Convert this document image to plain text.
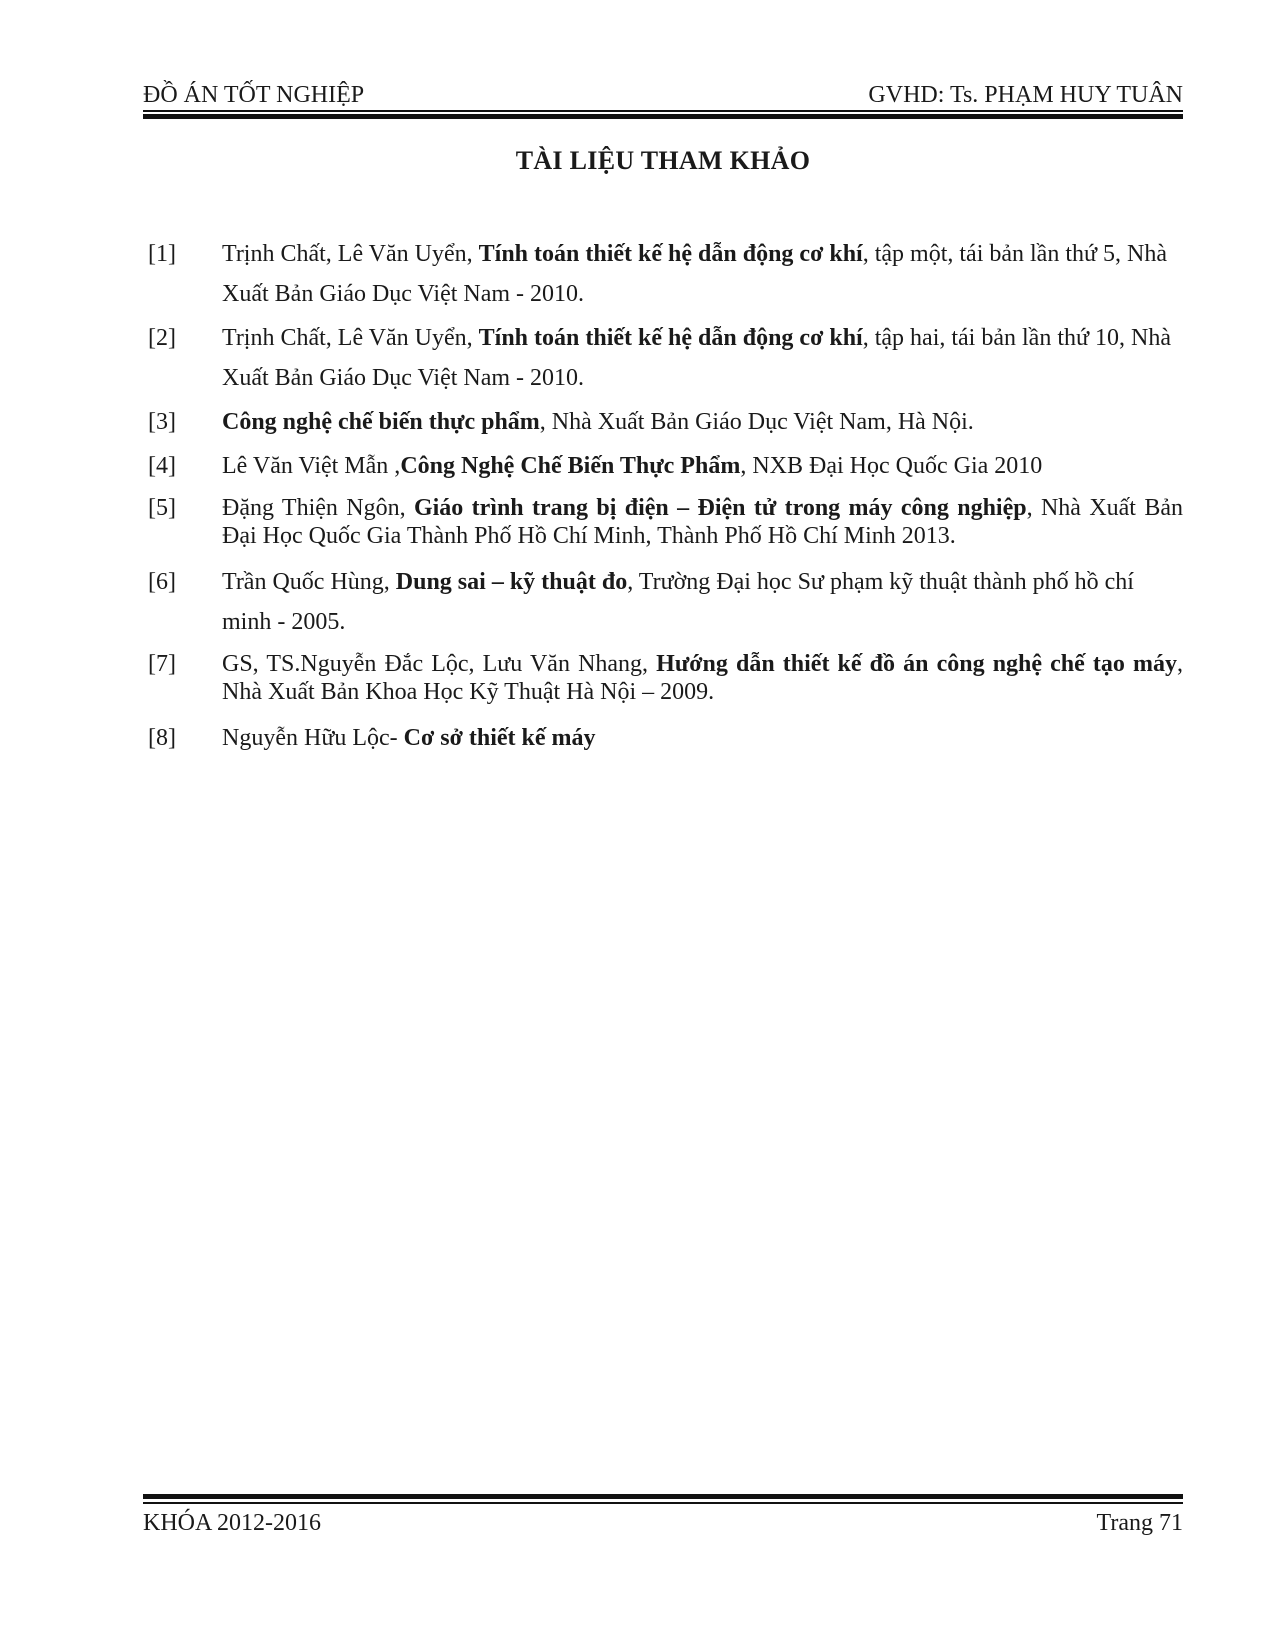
ĐỒ ÁN TỐT NGHIỆP	GVHD: Ts. PHẠM HUY TUÂN
TÀI LIỆU THAM KHẢO
[1]	Trịnh Chất, Lê Văn Uyển, Tính toán thiết kế hệ dẫn động cơ khí, tập một, tái bản lần thứ 5, Nhà Xuất Bản Giáo Dục Việt Nam - 2010.
[2]	Trịnh Chất, Lê Văn Uyển, Tính toán thiết kế hệ dẫn động cơ khí, tập hai, tái bản lần thứ 10, Nhà Xuất Bản Giáo Dục Việt Nam - 2010.
[3]	Công nghệ chế biến thực phẩm, Nhà Xuất Bản Giáo Dục Việt Nam, Hà Nội.
[4]	Lê Văn Việt Mẫn ,Công Nghệ Chế Biến Thực Phẩm, NXB Đại Học Quốc Gia 2010
[5]	Đặng Thiện Ngôn, Giáo trình trang bị điện – Điện tử trong máy công nghiệp, Nhà Xuất Bản Đại Học Quốc Gia Thành Phố Hồ Chí Minh, Thành Phố Hồ Chí Minh 2013.
[6]	Trần Quốc Hùng, Dung sai – kỹ thuật đo, Trường Đại học Sư phạm kỹ thuật thành phố hồ chí minh - 2005.
[7]	GS, TS.Nguyễn Đắc Lộc, Lưu Văn Nhang, Hướng dẫn thiết kế đồ án công nghệ chế tạo máy, Nhà Xuất Bản Khoa Học Kỹ Thuật Hà Nội – 2009.
[8]	Nguyễn Hữu Lộc- Cơ sở thiết kế máy
KHÓA 2012-2016	Trang 71
